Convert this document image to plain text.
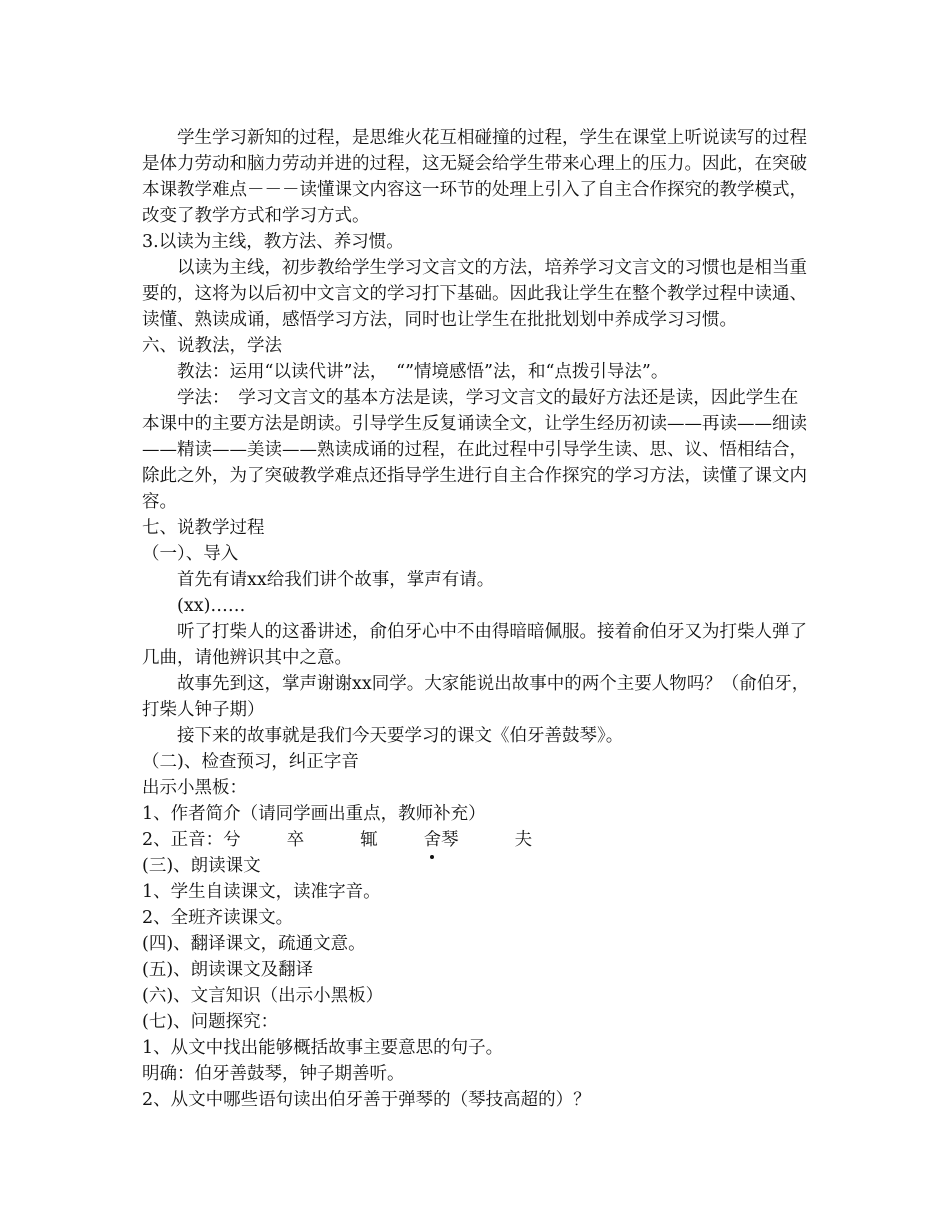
学生学习新知的过程，是思维火花互相碰撞的过程，学生在课堂上听说读写的过程是体力劳动和脑力劳动并进的过程，这无疑会给学生带来心理上的压力。因此，在突破本课教学难点－－－读懂课文内容这一环节的处理上引入了自主合作探究的教学模式，改变了教学方式和学习方式。

3.以读为主线，教方法、养习惯。

以读为主线，初步教给学生学习文言文的方法，培养学习文言文的习惯也是相当重要的，这将为以后初中文言文的学习打下基础。因此我让学生在整个教学过程中读通、读懂、熟读成诵，感悟学习方法，同时也让学生在批批划划中养成学习习惯。

六、说教法，学法

教法：运用“以读代讲”法，　“”情境感悟”法，和“点拨引导法”。

学法：　学习文言文的基本方法是读，学习文言文的最好方法还是读，因此学生在本课中的主要方法是朗读。引导学生反复诵读全文，让学生经历初读——再读——细读——精读——美读——熟读成诵的过程，在此过程中引导学生读、思、议、悟相结合，除此之外，为了突破教学难点还指导学生进行自主合作探究的学习方法，读懂了课文内容。

七、说教学过程

（一）、导入

首先有请xx给我们讲个故事，掌声有请。

(xx)……

听了打柴人的这番讲述，俞伯牙心中不由得暗暗佩服。接着俞伯牙又为打柴人弹了几曲，请他辨识其中之意。

故事先到这，掌声谢谢xx同学。大家能说出故事中的两个主要人物吗？（俞伯牙，打柴人钟子期）

接下来的故事就是我们今天要学习的课文《伯牙善鼓琴》。

（二)、检查预习，纠正字音

出示小黑板：

1、作者简介（请同学画出重点，教师补充）

2、正音：兮	卒	辄	舍琴	夫

(三)、朗读课文

1、学生自读课文，读准字音。

2、全班齐读课文。

(四)、翻译课文，疏通文意。

(五)、朗读课文及翻译

(六)、文言知识（出示小黑板）

(七)、问题探究：

1、从文中找出能够概括故事主要意思的句子。

明确：伯牙善鼓琴，钟子期善听。

2、从文中哪些语句读出伯牙善于弹琴的（琴技高超的）？
